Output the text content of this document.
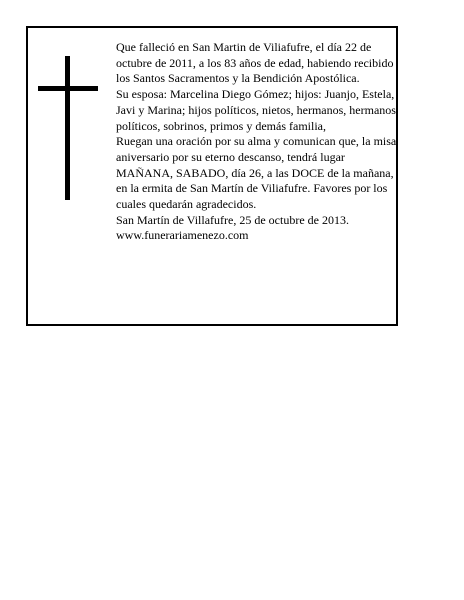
Que falleció en San Martin de Viliafufre, el día 22 de octubre de 2011, a los 83 años de edad, habiendo recibido los Santos Sacramentos y la Bendición Apostólica.

Su esposa: Marcelina Diego Gómez; hijos: Juanjo, Estela, Javi y Marina; hijos políticos, nietos, hermanos, hermanos políticos, sobrinos, primos y demás familia,

Ruegan una oración por su alma y comunican que, la misa aniversario por su eterno descanso, tendrá lugar MAÑANA, SABADO, día 26, a las DOCE de la mañana, en la ermita de San Martín de Viliafufre. Favores por los cuales quedarán agradecidos.

San Martín de Villafufre, 25 de octubre de 2013.

www.funerariamenezo.com
